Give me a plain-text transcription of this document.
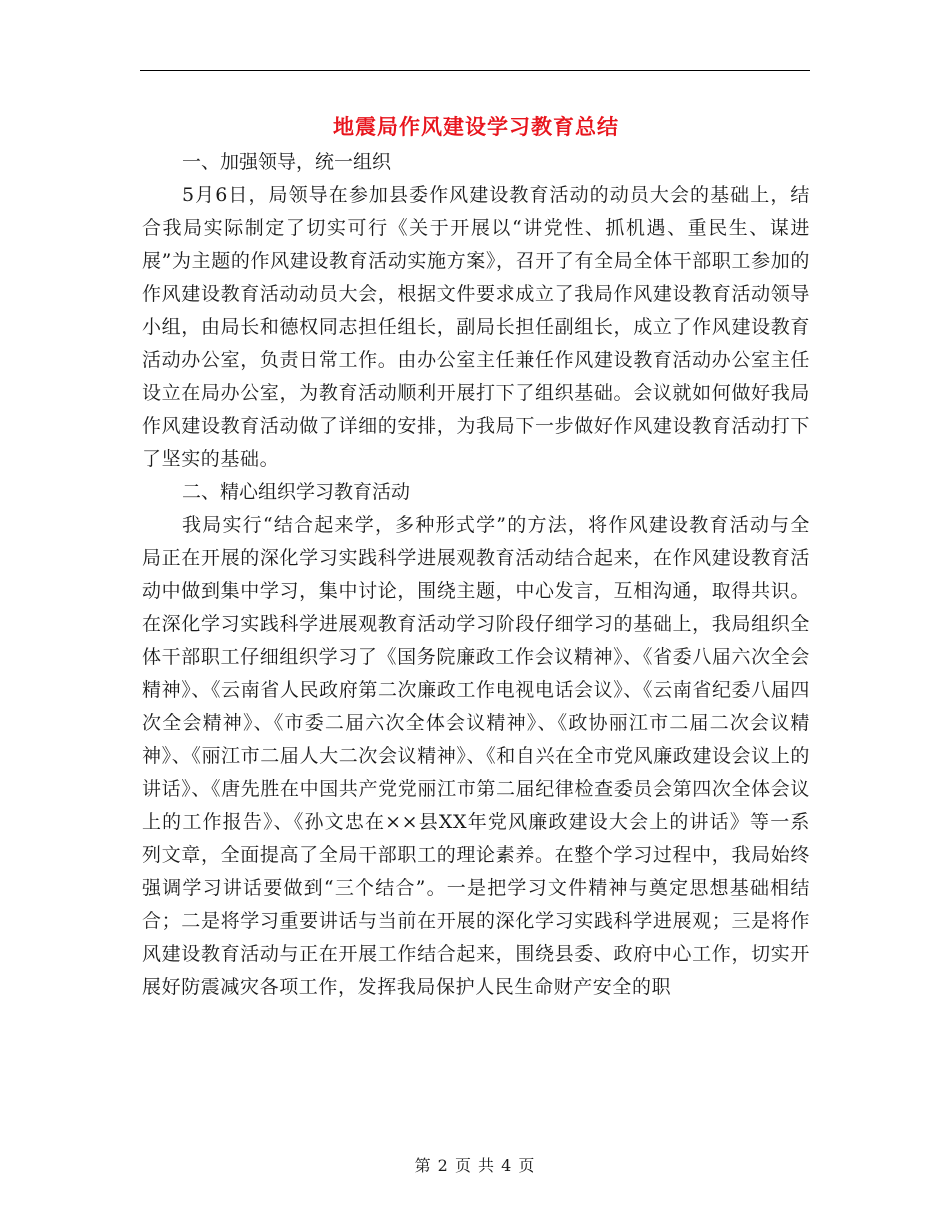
地震局作风建设学习教育总结
一、加强领导，统一组织

5月6日，局领导在参加县委作风建设教育活动的动员大会的基础上，结合我局实际制定了切实可行《关于开展以“讲党性、抓机遇、重民生、谋进展”为主题的作风建设教育活动实施方案》，召开了有全局全体干部职工参加的作风建设教育活动动员大会，根据文件要求成立了我局作风建设教育活动领导小组，由局长和德权同志担任组长，副局长担任副组长，成立了作风建设教育活动办公室，负责日常工作。由办公室主任兼任作风建设教育活动办公室主任设立在局办公室，为教育活动顺利开展打下了组织基础。会议就如何做好我局作风建设教育活动做了详细的安排，为我局下一步做好作风建设教育活动打下了坚实的基础。

二、精心组织学习教育活动

我局实行“结合起来学，多种形式学”的方法，将作风建设教育活动与全局正在开展的深化学习实践科学进展观教育活动结合起来，在作风建设教育活动中做到集中学习，集中讨论，围绕主题，中心发言，互相沟通，取得共识。在深化学习实践科学进展观教育活动学习阶段仔细学习的基础上，我局组织全体干部职工仔细组织学习了《国务院廉政工作会议精神》、《省委八届六次全会精神》、《云南省人民政府第二次廉政工作电视电话会议》、《云南省纪委八届四次全会精神》、《市委二届六次全体会议精神》、《政协丽江市二届二次会议精神》、《丽江市二届人大二次会议精神》、《和自兴在全市党风廉政建设会议上的讲话》、《唐先胜在中国共产党党丽江市第二届纪律检查委员会第四次全体会议上的工作报告》、《孙文忠在××县XX年党风廉政建设大会上的讲话》等一系列文章，全面提高了全局干部职工的理论素养。在整个学习过程中，我局始终强调学习讲话要做到“三个结合”。一是把学习文件精神与奠定思想基础相结合；二是将学习重要讲话与当前在开展的深化学习实践科学进展观；三是将作风建设教育活动与正在开展工作结合起来，围绕县委、政府中心工作，切实开展好防震减灾各项工作，发挥我局保护人民生命财产安全的职

第 2 页 共 4 页
